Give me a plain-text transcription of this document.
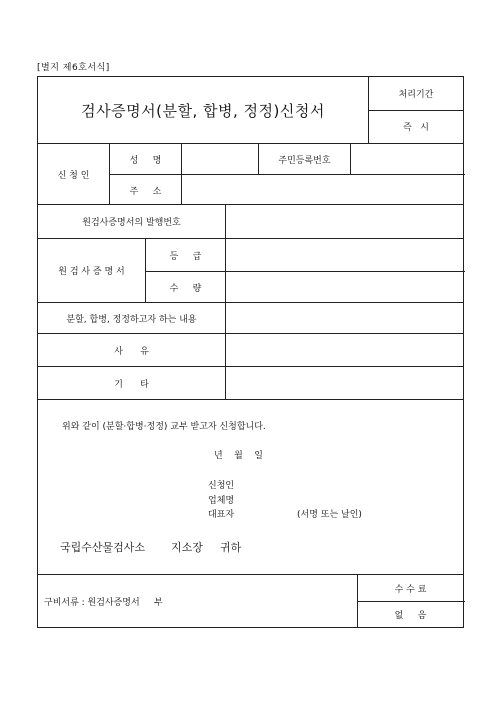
[별지 제6호서식]
검사증명서(분할, 합병, 정정)신청서
처리기간
즉   시
신 청 인
성     명	주민등록번호
주     소
원검사증명서의 발행번호
원 검 사 증 명 서
등     급
수     량
분할, 합병, 정정하고자 하는 내용
사      유
기      타
위와 같이 (분할·합병·정정) 교부 받고자 신청합니다.
년    월    일
신청인
업체명
대표자	(서명 또는 날인)
국립수산물검사소 지소장 귀하
구비서류 : 원검사증명서     부
수 수 료
없     음
